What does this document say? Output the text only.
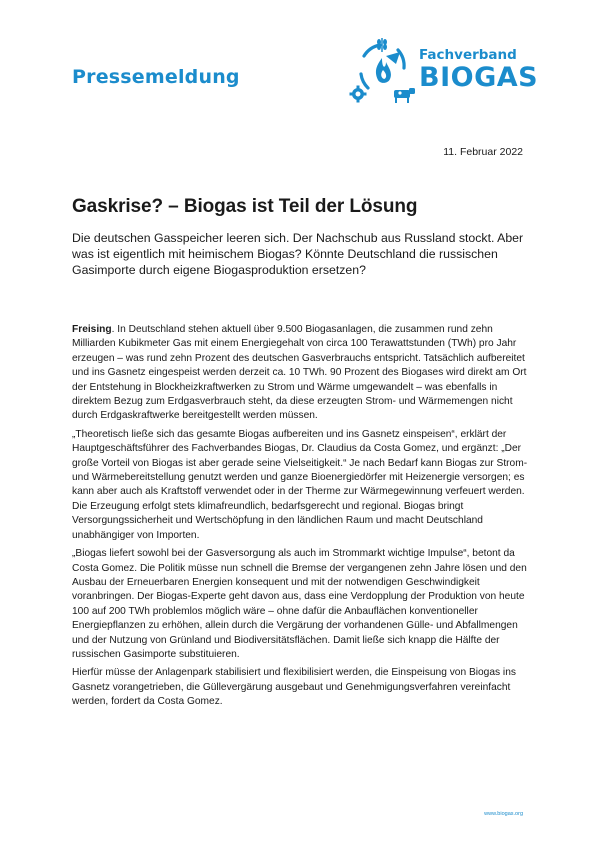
Pressemeldung
Fachverband
BIOGAS
11. Februar 2022
Gaskrise? – Biogas ist Teil der Lösung

Die deutschen Gasspeicher leeren sich. Der Nachschub aus Russland stockt. Aber was ist eigentlich mit heimischem Biogas? Könnte Deutschland die russischen Gasimporte durch eigene Biogasproduktion ersetzen?

Freising. In Deutschland stehen aktuell über 9.500 Biogasanlagen, die zusammen rund zehn Milliarden Kubikmeter Gas mit einem Energiegehalt von circa 100 Terawattstunden (TWh) pro Jahr erzeugen – was rund zehn Prozent des deutschen Gasverbrauchs entspricht. Tatsächlich aufbereitet und ins Gasnetz eingespeist werden derzeit ca. 10 TWh. 90 Prozent des Biogases wird direkt am Ort der Entstehung in Blockheizkraftwerken zu Strom und Wärme umgewandelt – was ebenfalls in direktem Bezug zum Erdgasverbrauch steht, da diese erzeugten Strom- und Wärmemengen nicht durch Erdgaskraftwerke bereitgestellt werden müssen.

„Theoretisch ließe sich das gesamte Biogas aufbereiten und ins Gasnetz einspeisen“, erklärt der Hauptgeschäftsführer des Fachverbandes Biogas, Dr. Claudius da Costa Gomez, und ergänzt: „Der große Vorteil von Biogas ist aber gerade seine Vielseitigkeit.“ Je nach Bedarf kann Biogas zur Strom- und Wärmebereitstellung genutzt werden und ganze Bioenergiedörfer mit Heizenergie versorgen; es kann aber auch als Kraftstoff verwendet oder in der Therme zur Wärmegewinnung verfeuert werden. Die Erzeugung erfolgt stets klimafreundlich, bedarfsgerecht und regional. Biogas bringt Versorgungssicherheit und Wertschöpfung in den ländlichen Raum und macht Deutschland unabhängiger von Importen.

„Biogas liefert sowohl bei der Gasversorgung als auch im Strommarkt wichtige Impulse“, betont da Costa Gomez. Die Politik müsse nun schnell die Bremse der vergangenen zehn Jahre lösen und den Ausbau der Erneuerbaren Energien konsequent und mit der notwendigen Geschwindigkeit voranbringen. Der Biogas-Experte geht davon aus, dass eine Verdopplung der Produktion von heute 100 auf 200 TWh problemlos möglich wäre – ohne dafür die Anbauflächen konventioneller Energiepflanzen zu erhöhen, allein durch die Vergärung der vorhandenen Gülle- und Abfallmengen und der Nutzung von Grünland und Biodiversitätsflächen. Damit ließe sich knapp die Hälfte der russischen Gasimporte substituieren.

Hierfür müsse der Anlagenpark stabilisiert und flexibilisiert werden, die Einspeisung von Biogas ins Gasnetz vorangetrieben, die Güllevergärung ausgebaut und Genehmigungsverfahren vereinfacht werden, fordert da Costa Gomez.

www.biogas.org
